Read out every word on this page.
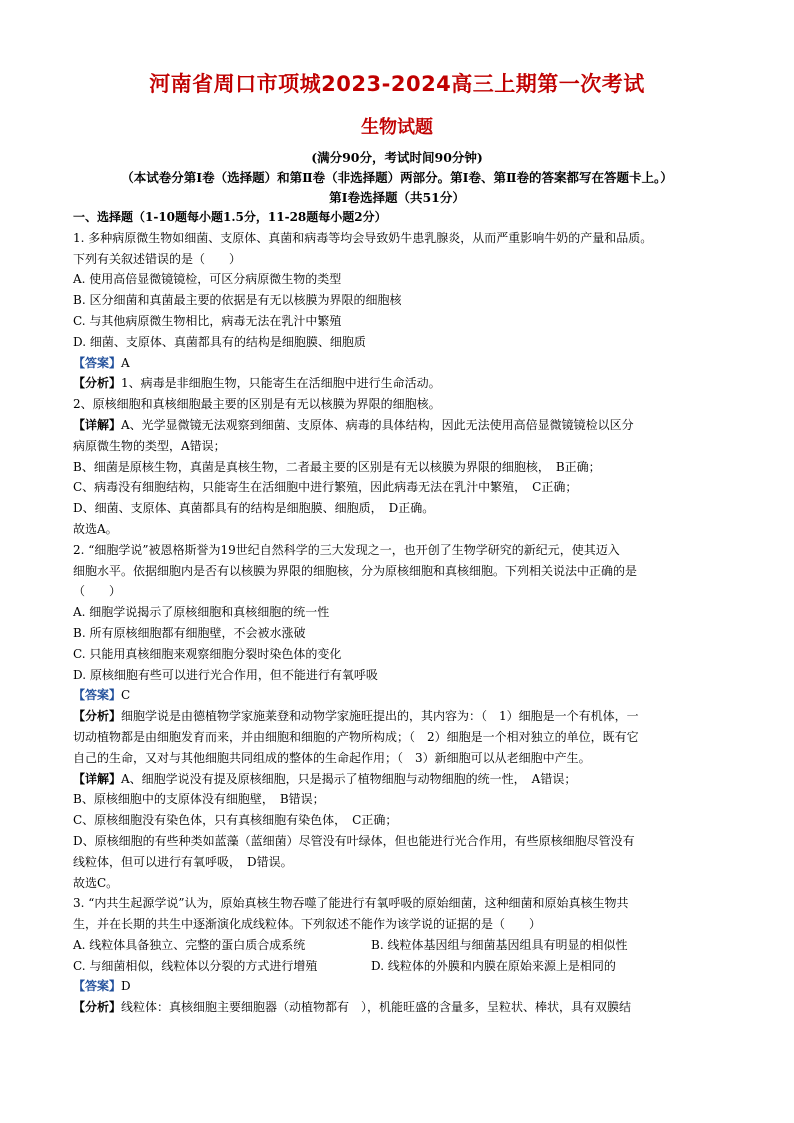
河南省周口市项城2023-2024高三上期第一次考试
生物试题
(满分90分，考试时间90分钟)
（本试卷分第Ⅰ卷（选择题）和第Ⅱ卷（非选择题）两部分。第Ⅰ卷、第Ⅱ卷的答案都写在答题卡上。）
第Ⅰ卷选择题（共51分）
一、选择题（1-10题每小题1.5分，11-28题每小题2分）
1. 多种病原微生物如细菌、支原体、真菌和病毒等均会导致奶牛患乳腺炎，从而严重影响牛奶的产量和品质。
下列有关叙述错误的是（　　）
A. 使用高倍显微镜镜检，可区分病原微生物的类型
B. 区分细菌和真菌最主要的依据是有无以核膜为界限的细胞核
C. 与其他病原微生物相比，病毒无法在乳汁中繁殖
D. 细菌、支原体、真菌都具有的结构是细胞膜、细胞质
【答案】A
【分析】1、病毒是非细胞生物，只能寄生在活细胞中进行生命活动。
2、原核细胞和真核细胞最主要的区别是有无以核膜为界限的细胞核。
【详解】A、光学显微镜无法观察到细菌、支原体、病毒的具体结构，因此无法使用高倍显微镜镜检以区分
病原微生物的类型，A错误；
B、细菌是原核生物，真菌是真核生物，二者最主要的区别是有无以核膜为界限的细胞核，　B正确；
C、病毒没有细胞结构，只能寄生在活细胞中进行繁殖，因此病毒无法在乳汁中繁殖，　C正确；
D、细菌、支原体、真菌都具有的结构是细胞膜、细胞质，　D正确。
故选A。
2. “细胞学说”被恩格斯誉为19世纪自然科学的三大发现之一，也开创了生物学研究的新纪元，使其迈入
细胞水平。依据细胞内是否有以核膜为界限的细胞核，分为原核细胞和真核细胞。下列相关说法中正确的是
（　　）
A. 细胞学说揭示了原核细胞和真核细胞的统一性
B. 所有原核细胞都有细胞壁，不会被水涨破
C. 只能用真核细胞来观察细胞分裂时染色体的变化
D. 原核细胞有些可以进行光合作用，但不能进行有氧呼吸
【答案】C
【分析】细胞学说是由德植物学家施莱登和动物学家施旺提出的，其内容为：（　1）细胞是一个有机体，一
切动植物都是由细胞发育而来，并由细胞和细胞的产物所构成；（　2）细胞是一个相对独立的单位，既有它
自己的生命，又对与其他细胞共同组成的整体的生命起作用；（　3）新细胞可以从老细胞中产生。
【详解】A、细胞学说没有提及原核细胞，只是揭示了植物细胞与动物细胞的统一性，　A错误；
B、原核细胞中的支原体没有细胞壁，　B错误；
C、原核细胞没有染色体，只有真核细胞有染色体，　C正确；
D、原核细胞的有些种类如蓝藻（蓝细菌）尽管没有叶绿体，但也能进行光合作用，有些原核细胞尽管没有
线粒体，但可以进行有氧呼吸，　D错误。
故选C。
3. “内共生起源学说”认为，原始真核生物吞噬了能进行有氧呼吸的原始细菌，这种细菌和原始真核生物共
生，并在长期的共生中逐渐演化成线粒体。下列叙述不能作为该学说的证据的是（　　）
A. 线粒体具备独立、完整的蛋白质合成系统	B. 线粒体基因组与细菌基因组具有明显的相似性
C. 与细菌相似，线粒体以分裂的方式进行增殖	D. 线粒体的外膜和内膜在原始来源上是相同的
【答案】D
【分析】线粒体：真核细胞主要细胞器（动植物都有　），机能旺盛的含量多，呈粒状、棒状，具有双膜结
